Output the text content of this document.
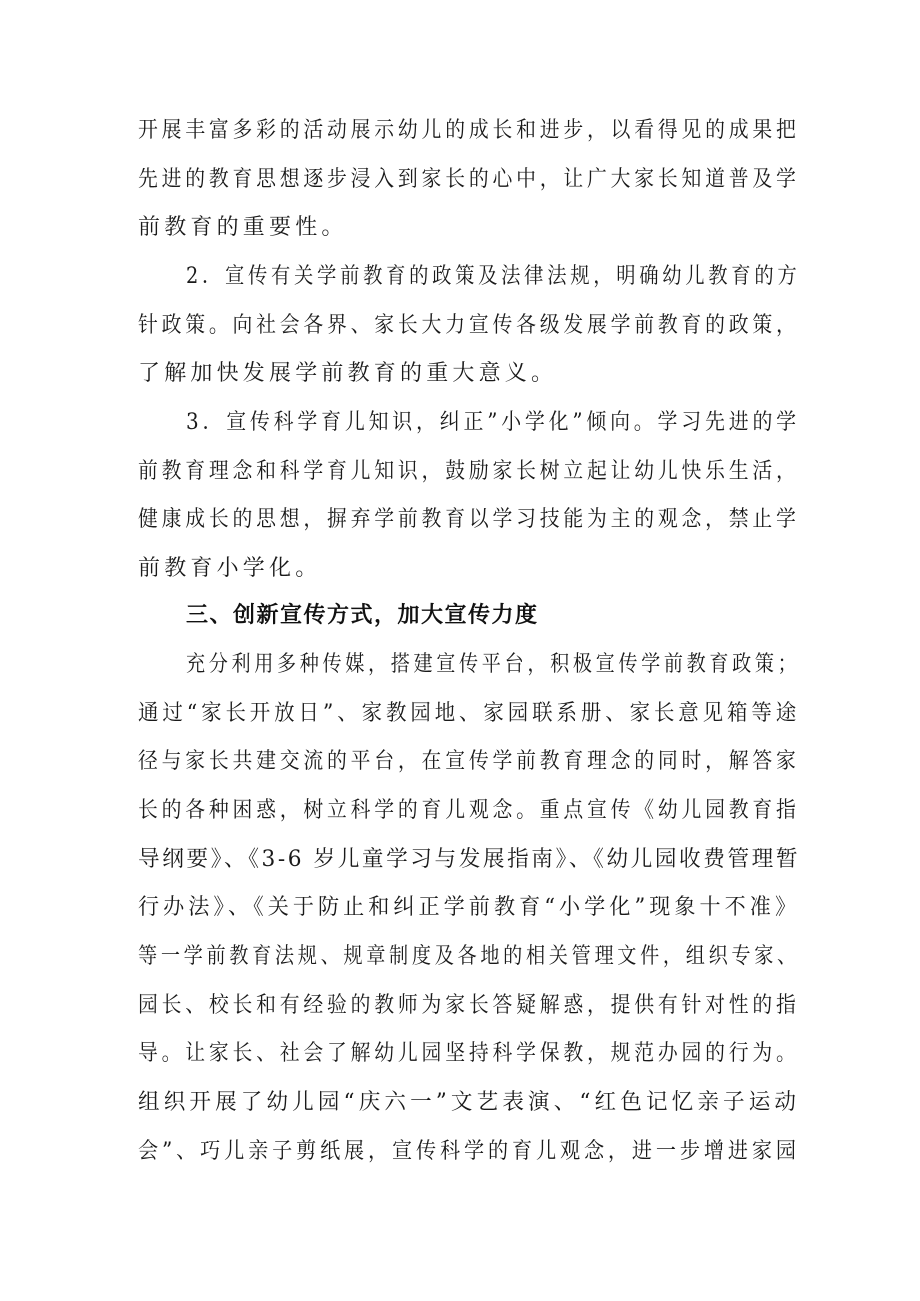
开展丰富多彩的活动展示幼儿的成长和进步，以看得见的成果把
先进的教育思想逐步浸入到家长的心中，让广大家长知道普及学
前教育的重要性。
2．宣传有关学前教育的政策及法律法规，明确幼儿教育的方
针政策。向社会各界、家长大力宣传各级发展学前教育的政策，
了解加快发展学前教育的重大意义。
3．宣传科学育儿知识，纠正”小学化”倾向。学习先进的学
前教育理念和科学育儿知识，鼓励家长树立起让幼儿快乐生活，
健康成长的思想，摒弃学前教育以学习技能为主的观念，禁止学
前教育小学化。
三、创新宣传方式，加大宣传力度
充分利用多种传媒，搭建宣传平台，积极宣传学前教育政策；
通过“家长开放日”、家教园地、家园联系册、家长意见箱等途
径与家长共建交流的平台，在宣传学前教育理念的同时，解答家
长的各种困惑，树立科学的育儿观念。重点宣传《幼儿园教育指
导纲要》、《3-6 岁儿童学习与发展指南》、《幼儿园收费管理暂
行办法》、《关于防止和纠正学前教育“小学化”现象十不准》
等一学前教育法规、规章制度及各地的相关管理文件，组织专家、
园长、校长和有经验的教师为家长答疑解惑，提供有针对性的指
导。让家长、社会了解幼儿园坚持科学保教，规范办园的行为。
组织开展了幼儿园“庆六一”文艺表演、“红色记忆亲子运动
会”、巧儿亲子剪纸展，宣传科学的育儿观念，进一步增进家园
